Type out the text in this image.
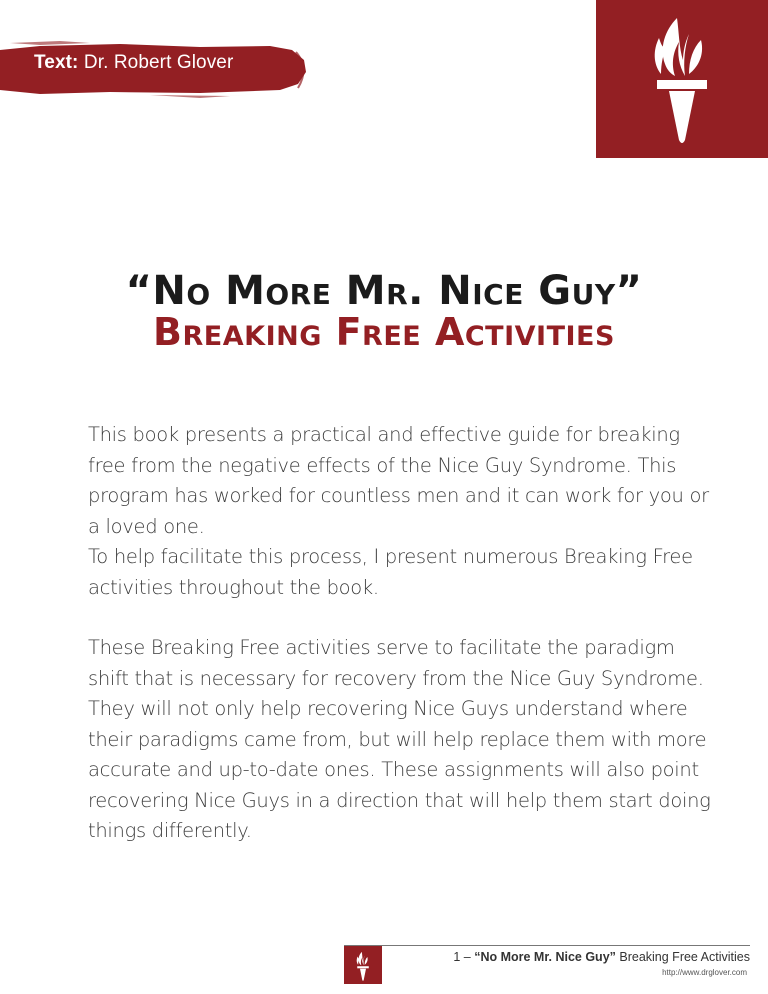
Text: Dr. Robert Glover
“No More Mr. Nice Guy”
Breaking Free Activities
This book presents a practical and effective guide for breaking free from the negative effects of the Nice Guy Syndrome. This program has worked for countless men and it can work for you or a loved one.
To help facilitate this process, I present numerous Breaking Free activities throughout the book.
These Breaking Free activities serve to facilitate the paradigm shift that is necessary for recovery from the Nice Guy Syndrome. They will not only help recovering Nice Guys understand where their paradigms came from, but will help replace them with more accurate and up-to-date ones. These assignments will also point recovering Nice Guys in a direction that will help them start doing things differently.
1 – “No More Mr. Nice Guy” Breaking Free Activities
http://www.drglover.com
